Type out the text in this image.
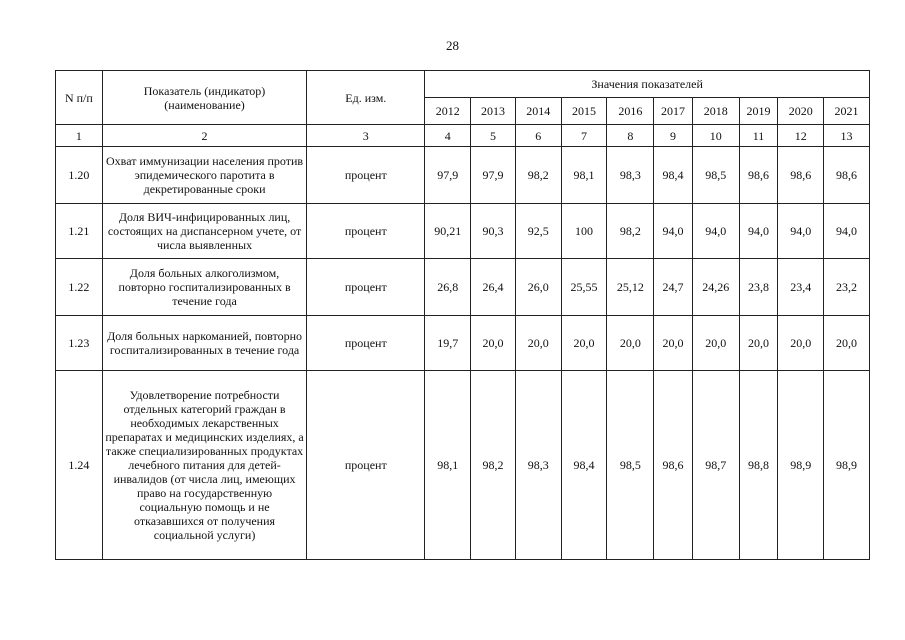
28
N п/п	Показатель (индикатор) (наименование)	Ед. изм.	Значения показателей									
			2012	2013	2014	2015	2016	2017	2018	2019	2020	2021
1	2	3	4	5	6	7	8	9	10	11	12	13
1.20	Охват иммунизации населения против эпидемического паротита в декретированные сроки	процент	97,9	97,9	98,2	98,1	98,3	98,4	98,5	98,6	98,6	98,6
1.21	Доля ВИЧ-инфицированных лиц, состоящих на диспансерном учете, от числа выявленных	процент	90,21	90,3	92,5	100	98,2	94,0	94,0	94,0	94,0	94,0
1.22	Доля больных алкоголизмом, повторно госпитализированных в течение года	процент	26,8	26,4	26,0	25,55	25,12	24,7	24,26	23,8	23,4	23,2
1.23	Доля больных наркоманией, повторно госпитализированных в течение года	процент	19,7	20,0	20,0	20,0	20,0	20,0	20,0	20,0	20,0	20,0
1.24	Удовлетворение потребности отдельных категорий граждан в необходимых лекарственных препаратах и медицинских изделиях, а также специализированных продуктах лечебного питания для детей-инвалидов (от числа лиц, имеющих право на государственную социальную помощь и не отказавшихся от получения социальной услуги)	процент	98,1	98,2	98,3	98,4	98,5	98,6	98,7	98,8	98,9	98,9
